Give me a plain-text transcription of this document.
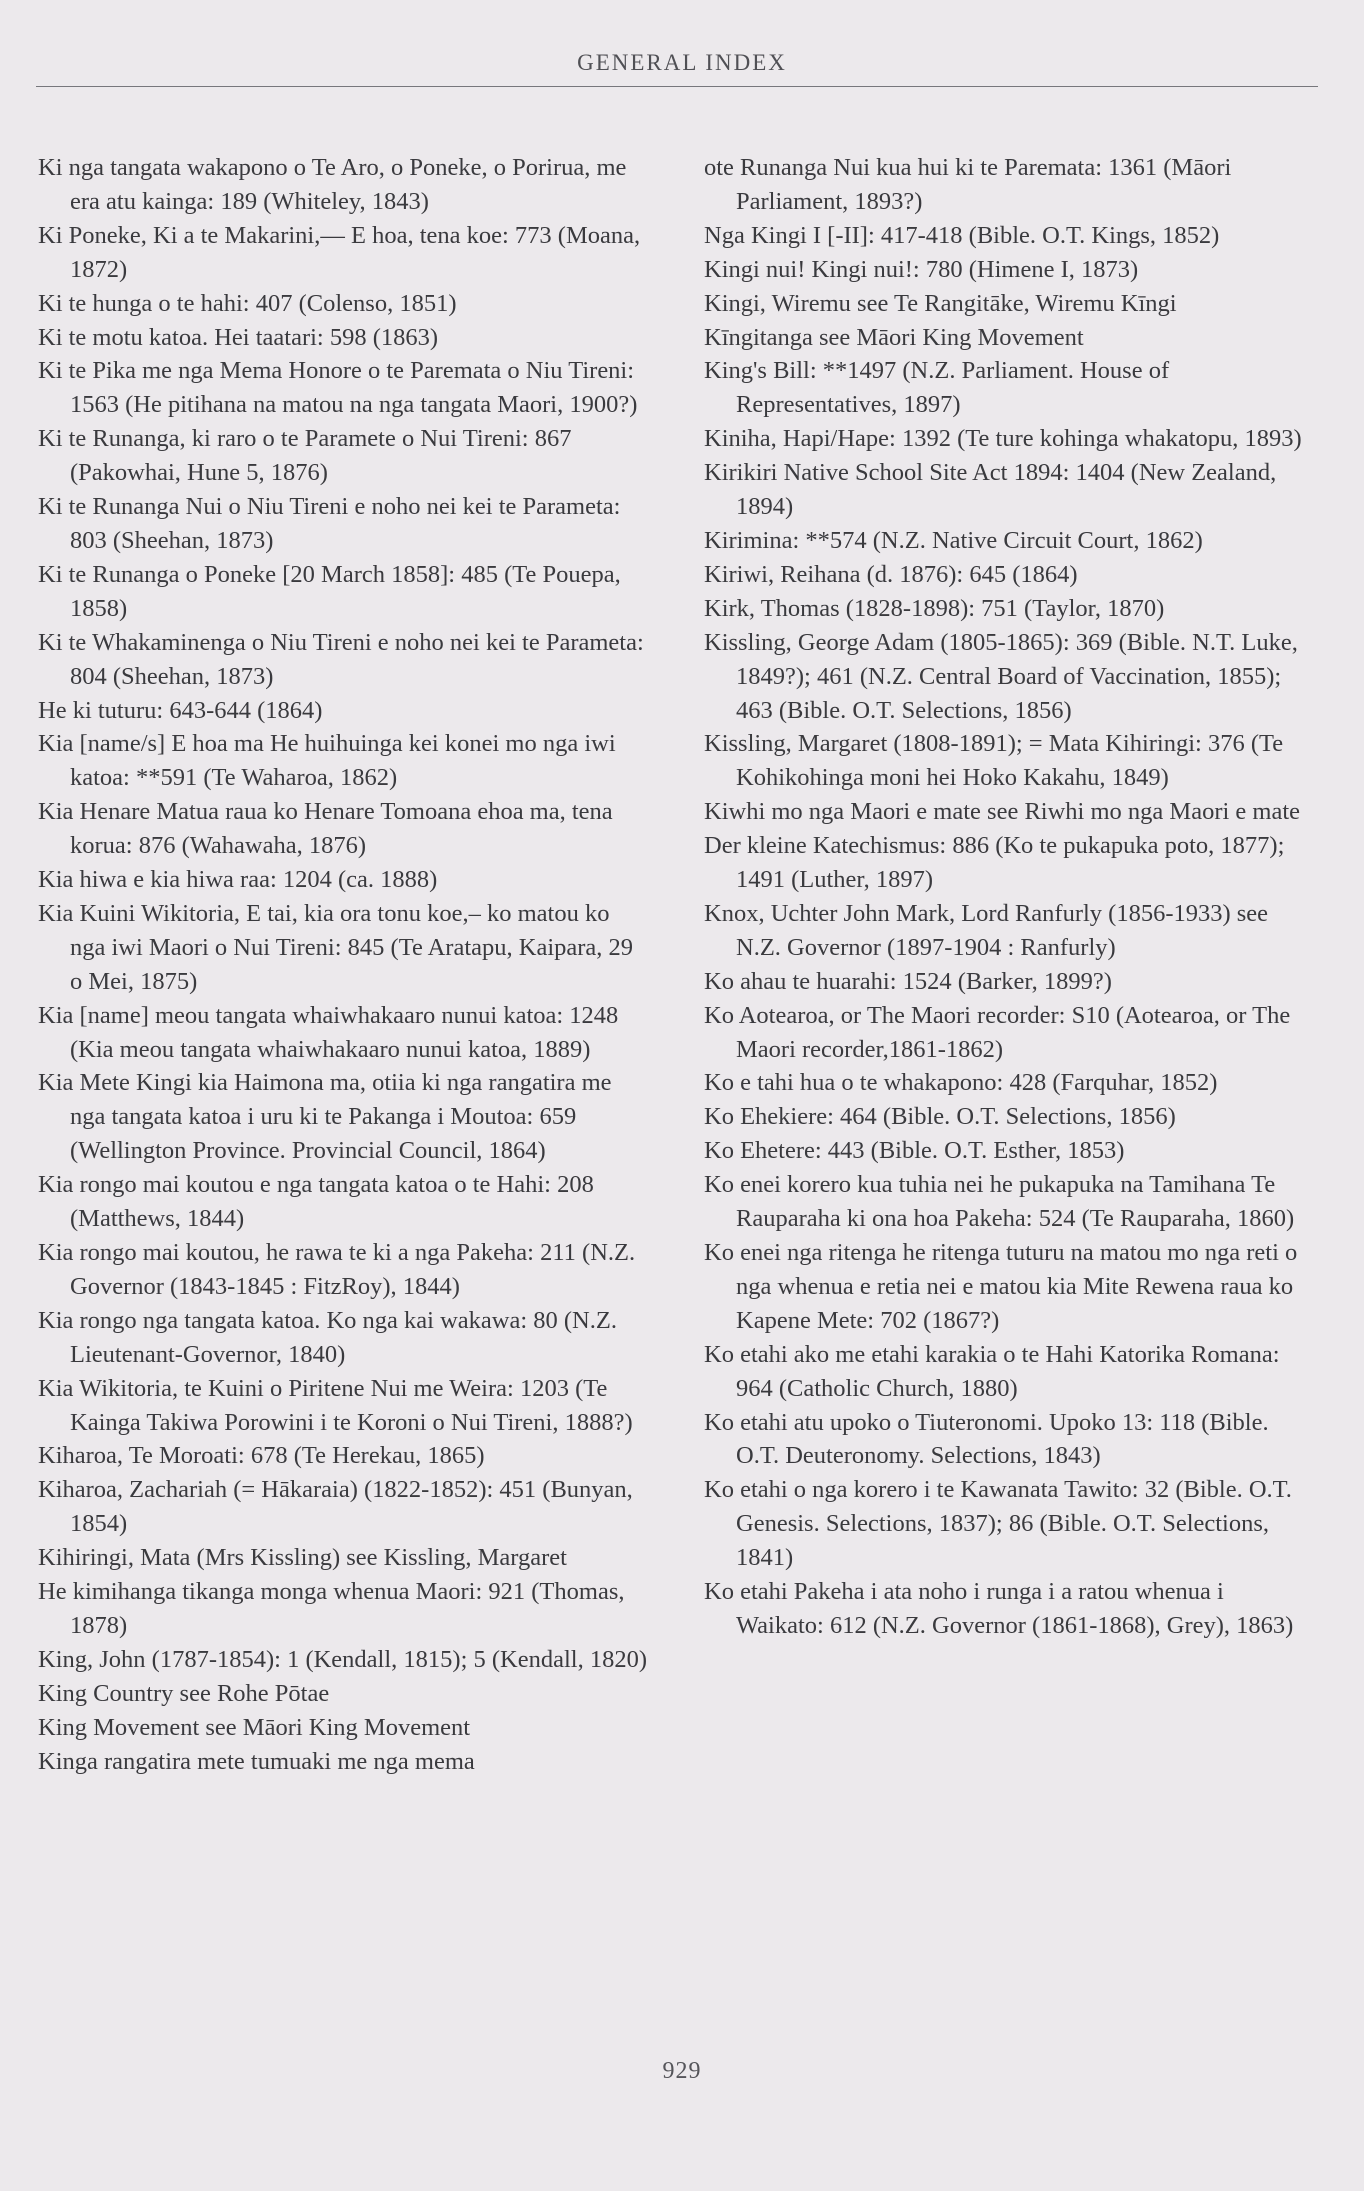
GENERAL INDEX

Ki nga tangata wakapono o Te Aro, o Poneke, o Porirua, me era atu kainga: 189 (Whiteley, 1843)

Ki Poneke, Ki a te Makarini,— E hoa, tena koe: 773 (Moana, 1872)

Ki te hunga o te hahi: 407 (Colenso, 1851)

Ki te motu katoa. Hei taatari: 598 (1863)

Ki te Pika me nga Mema Honore o te Paremata o Niu Tireni: 1563 (He pitihana na matou na nga tangata Maori, 1900?)

Ki te Runanga, ki raro o te Paramete o Nui Tireni: 867 (Pakowhai, Hune 5, 1876)

Ki te Runanga Nui o Niu Tireni e noho nei kei te Parameta: 803 (Sheehan, 1873)

Ki te Runanga o Poneke [20 March 1858]: 485 (Te Pouepa, 1858)

Ki te Whakaminenga o Niu Tireni e noho nei kei te Parameta: 804 (Sheehan, 1873)

He ki tuturu: 643-644 (1864)

Kia [name/s] E hoa ma He huihuinga kei konei mo nga iwi katoa: **591 (Te Waharoa, 1862)

Kia Henare Matua raua ko Henare Tomoana ehoa ma, tena korua: 876 (Wahawaha, 1876)

Kia hiwa e kia hiwa raa: 1204 (ca. 1888)

Kia Kuini Wikitoria, E tai, kia ora tonu koe,– ko matou ko nga iwi Maori o Nui Tireni: 845 (Te Aratapu, Kaipara, 29 o Mei, 1875)

Kia [name] meou tangata whaiwhakaaro nunui katoa: 1248 (Kia meou tangata whaiwhakaaro nunui katoa, 1889)

Kia Mete Kingi kia Haimona ma, otiia ki nga rangatira me nga tangata katoa i uru ki te Pakanga i Moutoa: 659 (Wellington Province. Provincial Council, 1864)

Kia rongo mai koutou e nga tangata katoa o te Hahi: 208 (Matthews, 1844)

Kia rongo mai koutou, he rawa te ki a nga Pakeha: 211 (N.Z. Governor (1843-1845 : FitzRoy), 1844)

Kia rongo nga tangata katoa. Ko nga kai wakawa: 80 (N.Z. Lieutenant-Governor, 1840)

Kia Wikitoria, te Kuini o Piritene Nui me Weira: 1203 (Te Kainga Takiwa Porowini i te Koroni o Nui Tireni, 1888?)

Kiharoa, Te Moroati: 678 (Te Herekau, 1865)

Kiharoa, Zachariah (= Hākaraia) (1822-1852): 451 (Bunyan, 1854)

Kihiringi, Mata (Mrs Kissling) see Kissling, Margaret

He kimihanga tikanga monga whenua Maori: 921 (Thomas, 1878)

King, John (1787-1854): 1 (Kendall, 1815); 5 (Kendall, 1820)

King Country see Rohe Pōtae

King Movement see Māori King Movement

Kinga rangatira mete tumuaki me nga mema

ote Runanga Nui kua hui ki te Paremata: 1361 (Māori Parliament, 1893?)

Nga Kingi I [-II]: 417-418 (Bible. O.T. Kings, 1852)

Kingi nui! Kingi nui!: 780 (Himene I, 1873)

Kingi, Wiremu see Te Rangitāke, Wiremu Kīngi

Kīngitanga see Māori King Movement

King's Bill: **1497 (N.Z. Parliament. House of Representatives, 1897)

Kiniha, Hapi/Hape: 1392 (Te ture kohinga whakatopu, 1893)

Kirikiri Native School Site Act 1894: 1404 (New Zealand, 1894)

Kirimina: **574 (N.Z. Native Circuit Court, 1862)

Kiriwi, Reihana (d. 1876): 645 (1864)

Kirk, Thomas (1828-1898): 751 (Taylor, 1870)

Kissling, George Adam (1805-1865): 369 (Bible. N.T. Luke, 1849?); 461 (N.Z. Central Board of Vaccination, 1855); 463 (Bible. O.T. Selections, 1856)

Kissling, Margaret (1808-1891); = Mata Kihiringi: 376 (Te Kohikohinga moni hei Hoko Kakahu, 1849)

Kiwhi mo nga Maori e mate see Riwhi mo nga Maori e mate

Der kleine Katechismus: 886 (Ko te pukapuka poto, 1877); 1491 (Luther, 1897)

Knox, Uchter John Mark, Lord Ranfurly (1856-1933) see N.Z. Governor (1897-1904 : Ranfurly)

Ko ahau te huarahi: 1524 (Barker, 1899?)

Ko Aotearoa, or The Maori recorder: S10 (Aotearoa, or The Maori recorder,1861-1862)

Ko e tahi hua o te whakapono: 428 (Farquhar, 1852)

Ko Ehekiere: 464 (Bible. O.T. Selections, 1856)

Ko Ehetere: 443 (Bible. O.T. Esther, 1853)

Ko enei korero kua tuhia nei he pukapuka na Tamihana Te Rauparaha ki ona hoa Pakeha: 524 (Te Rauparaha, 1860)

Ko enei nga ritenga he ritenga tuturu na matou mo nga reti o nga whenua e retia nei e matou kia Mite Rewena raua ko Kapene Mete: 702 (1867?)

Ko etahi ako me etahi karakia o te Hahi Katorika Romana: 964 (Catholic Church, 1880)

Ko etahi atu upoko o Tiuteronomi. Upoko 13: 118 (Bible. O.T. Deuteronomy. Selections, 1843)

Ko etahi o nga korero i te Kawanata Tawito: 32 (Bible. O.T. Genesis. Selections, 1837); 86 (Bible. O.T. Selections, 1841)

Ko etahi Pakeha i ata noho i runga i a ratou whenua i Waikato: 612 (N.Z. Governor (1861-1868), Grey), 1863)

929
